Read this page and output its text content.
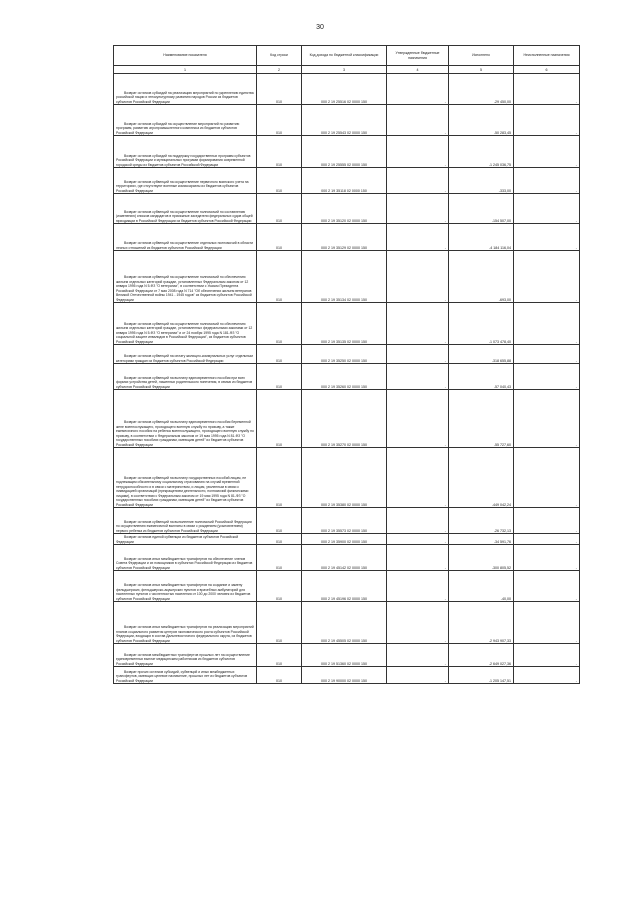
30
Наименование показателя	Код строки	Код дохода по бюджетной классификации	Утвержденные бюджетные назначения	Исполнено	Неисполненные назначения
1	2	3	4	5	6

Возврат остатков субсидий на реализацию мероприятий по укреплению единства российской нации и этнокультурному развитию народов России из бюджетов субъектов Российской Федерации	010	000 2 19 25516 02 0000 150	-	-29 450,00	-

Возврат остатков субсидий на осуществление мероприятий по развитию программ, развитию агропромышленного комплекса из бюджетов субъектов Российской Федерации	010	000 2 19 25543 02 0000 150	-	-50 283,45	-

Возврат остатков субсидий на поддержку государственных программ субъектов Российской Федерации и муниципальных программ формирования современной городской среды из бюджетов субъектов Российской Федерации	010	000 2 19 25555 02 0000 150	-	-1 245 036,75	-

Возврат остатков субвенций на осуществление первичного воинского учета на территориях, где отсутствуют военные комиссариаты из бюджетов субъектов Российской Федерации	010	000 2 19 35118 02 0000 150	-	-333,00	-

Возврат остатков субвенций на осуществление полномочий по составлению (изменению) списков кандидатов в присяжные заседатели федеральных судов общей юрисдикции в Российской Федерации из бюджетов субъектов Российской Федерации	010	000 2 19 35120 02 0000 150	-	-154 507,00	-

Возврат остатков субвенций на осуществление отдельных полномочий в области лесных отношений из бюджетов субъектов Российской Федерации	010	000 2 19 35129 02 0000 150	-	-4 184 116,04	-

Возврат остатков субвенций на осуществление полномочий по обеспечению жильем отдельных категорий граждан, установленных Федеральным законом от 12 января 1995 года N 5-ФЗ "О ветеранах", в соответствии с Указом Президента Российской Федерации от 7 мая 2008 года N 714 "Об обеспечении жильем ветеранов Великой Отечественной войны 1941 - 1945 годов" из бюджетов субъектов Российской Федерации	010	000 2 19 35134 02 0000 150	-	-693,00	-

Возврат остатков субвенций на осуществление полномочий по обеспечению жильем отдельных категорий граждан, установленных федеральными законами от 12 января 1995 года N 5-ФЗ "О ветеранах" и от 24 ноября 1995 года N 181-ФЗ "О социальной защите инвалидов в Российской Федерации", из бюджетов субъектов Российской Федерации	010	000 2 19 35135 02 0000 150	-	-1 073 478,40	-

Возврат остатков субвенций на оплату жилищно-коммунальных услуг отдельным категориям граждан из бюджетов субъектов Российской Федерации	010	000 2 19 35250 02 0000 150	-	-318 655,88	-

Возврат остатков субвенций на выплату единовременного пособия при всех формах устройства детей, лишенных родительского попечения, в семью из бюджетов субъектов Российской Федерации	010	000 2 19 35260 02 0000 150	-	-57 040,43	-

Возврат остатков субвенций на выплату единовременного пособия беременной жене военнослужащего, проходящего военную службу по призыву, а также ежемесячного пособия на ребенка военнослужащего, проходящего военную службу по призыву, в соответствии с Федеральным законом от 19 мая 1995 года N 81-ФЗ "О государственных пособиях гражданам, имеющим детей" из бюджетов субъектов Российской Федерации	010	000 2 19 35270 02 0000 150	-	-55 727,60	-

Возврат остатков субвенций на выплату государственных пособий лицам, не подлежащим обязательному социальному страхованию на случай временной нетрудоспособности и в связи с материнством, и лицам, уволенным в связи с ликвидацией организаций (прекращением деятельности, полномочий физическими лицами), в соответствии с Федеральным законом от 19 мая 1995 года N 81-ФЗ "О государственных пособиях гражданам, имеющим детей" из бюджетов субъектов Российской Федерации	010	000 2 19 35380 02 0000 150	-	-449 042,24	-

Возврат остатков субвенций на выполнение полномочий Российской Федерации по осуществлению ежемесячной выплаты в связи с рождением (усыновлением) первого ребенка из бюджетов субъектов Российской Федерации	010	000 2 19 35573 02 0000 150	-	-26 732,13	-

Возврат остатков единой субвенции из бюджетов субъектов Российской Федерации	010	000 2 19 35900 02 0000 150	-	-34 591,76	-

Возврат остатков иных межбюджетных трансфертов на обеспечение членов Совета Федерации и их помощников в субъектах Российской Федерации из бюджетов субъектов Российской Федерации	010	000 2 19 45142 02 0000 150	-	-300 805,52	-

Возврат остатков иных межбюджетных трансфертов на создание и замену фельдшерских, фельдшерско-акушерских пунктов и врачебных амбулаторий для населенных пунктов с численностью населения от 100 до 2000 человек из бюджетов субъектов Российской Федерации	010	000 2 19 45196 02 0000 150	-	-40,00	-

Возврат остатков иных межбюджетных трансфертов на реализацию мероприятий планов социального развития центров экономического роста субъектов Российской Федерации, входящих в состав Дальневосточного федерального округа, из бюджетов субъектов Российской Федерации	010	000 2 19 45505 02 0000 150	-	-2 943 907,33	-

Возврат остатков межбюджетных трансфертов прошлых лет на осуществление единовременных выплат медицинским работникам из бюджетов субъектов Российской Федерации	010	000 2 19 51360 02 0000 150	-	-2 649 027,36	-

Возврат прочих остатков субсидий, субвенций и иных межбюджетных трансфертов, имеющих целевое назначение, прошлых лет из бюджетов субъектов Российской Федерации	010	000 2 19 90000 02 0000 150	-	-1 205 147,51	-
